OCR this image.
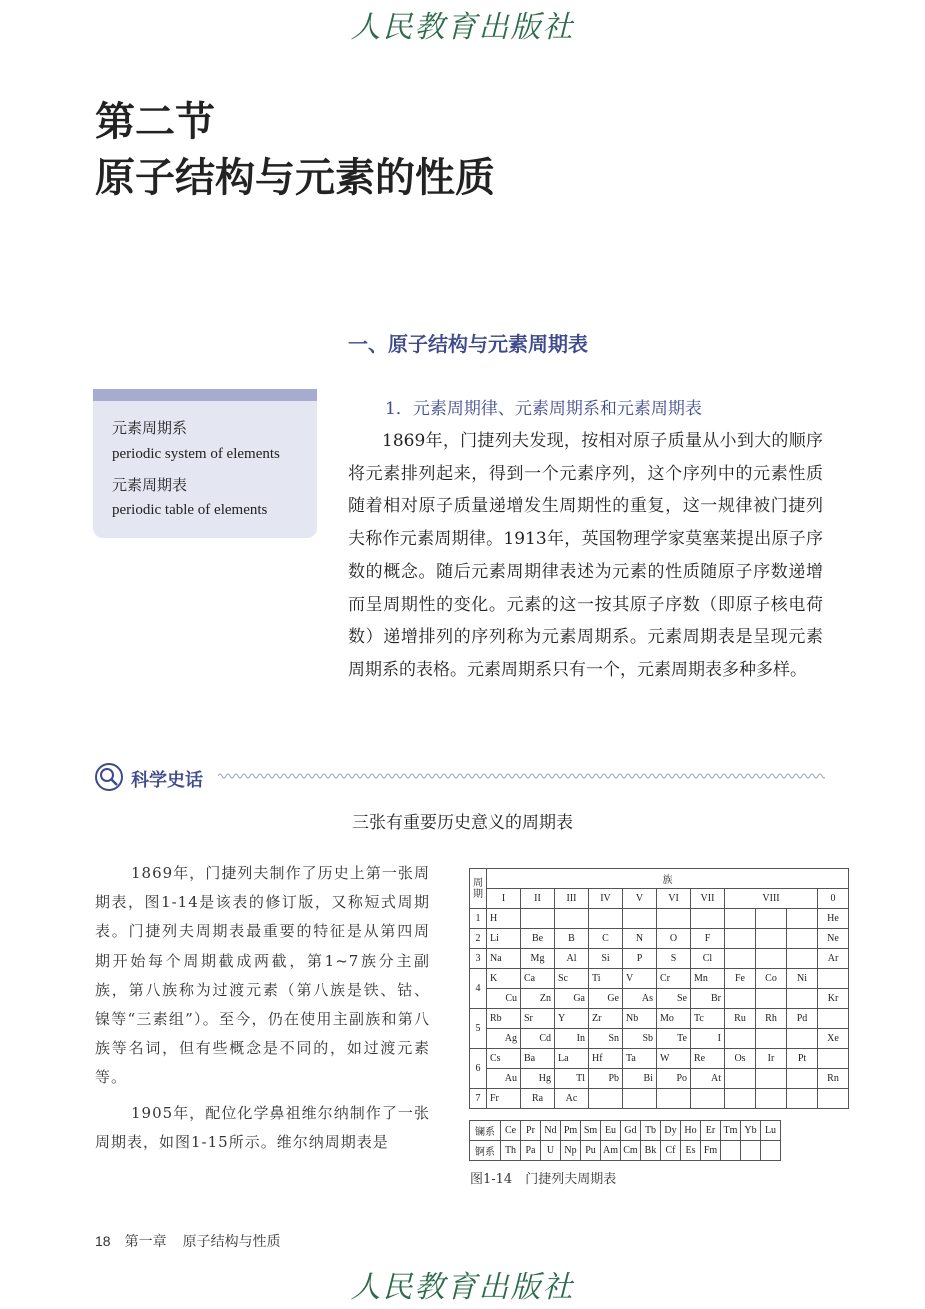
人民教育出版社
第二节
原子结构与元素的性质
一、原子结构与元素周期表
元素周期系
periodic system of elements
元素周期表
periodic table of elements
1．元素周期律、元素周期系和元素周期表

1869年，门捷列夫发现，按相对原子质量从小到大的顺序将元素排列起来，得到一个元素序列，这个序列中的元素性质随着相对原子质量递增发生周期性的重复，这一规律被门捷列夫称作元素周期律。1913年，英国物理学家莫塞莱提出原子序数的概念。随后元素周期律表述为元素的性质随原子序数递增而呈周期性的变化。元素的这一按其原子序数（即原子核电荷数）递增排列的序列称为元素周期系。元素周期表是呈现元素周期系的表格。元素周期系只有一个，元素周期表多种多样。

科学史话
三张有重要历史意义的周期表

1869年，门捷列夫制作了历史上第一张周期表，图1-14是该表的修订版，又称短式周期表。门捷列夫周期表最重要的特征是从第四周期开始每个周期截成两截，第1~7族分主副族，第八族称为过渡元素（第八族是铁、钴、镍等“三素组”）。至今，仍在使用主副族和第八族等名词，但有些概念是不同的，如过渡元素等。

1905年，配位化学鼻祖维尔纳制作了一张周期表，如图1-15所示。维尔纳周期表是

周期	族										
	I	II	III	IV	V	VI	VII	VIII			0
1	H										He
2	Li	Be	B	C	N	O	F				Ne
3	Na	Mg	Al	Si	P	S	Cl				Ar
4	K	Ca	Sc	Ti	V	Cr	Mn	Fe	Co	Ni	
	Cu	Zn	Ga	Ge	As	Se	Br				Kr
5	Rb	Sr	Y	Zr	Nb	Mo	Tc	Ru	Rh	Pd	
	Ag	Cd	In	Sn	Sb	Te	I				Xe
6	Cs	Ba	La	Hf	Ta	W	Re	Os	Ir	Pt	
	Au	Hg	Tl	Pb	Bi	Po	At				Rn
7	Fr	Ra	Ac								
镧系	Ce	Pr	Nd	Pm	Sm	Eu	Gd	Tb	Dy	Ho	Er	Tm	Yb	Lu
锕系	Th	Pa	U	Np	Pu	Am	Cm	Bk	Cf	Es	Fm			
图1-14　门捷列夫周期表
18 第一章 原子结构与性质
人民教育出版社
